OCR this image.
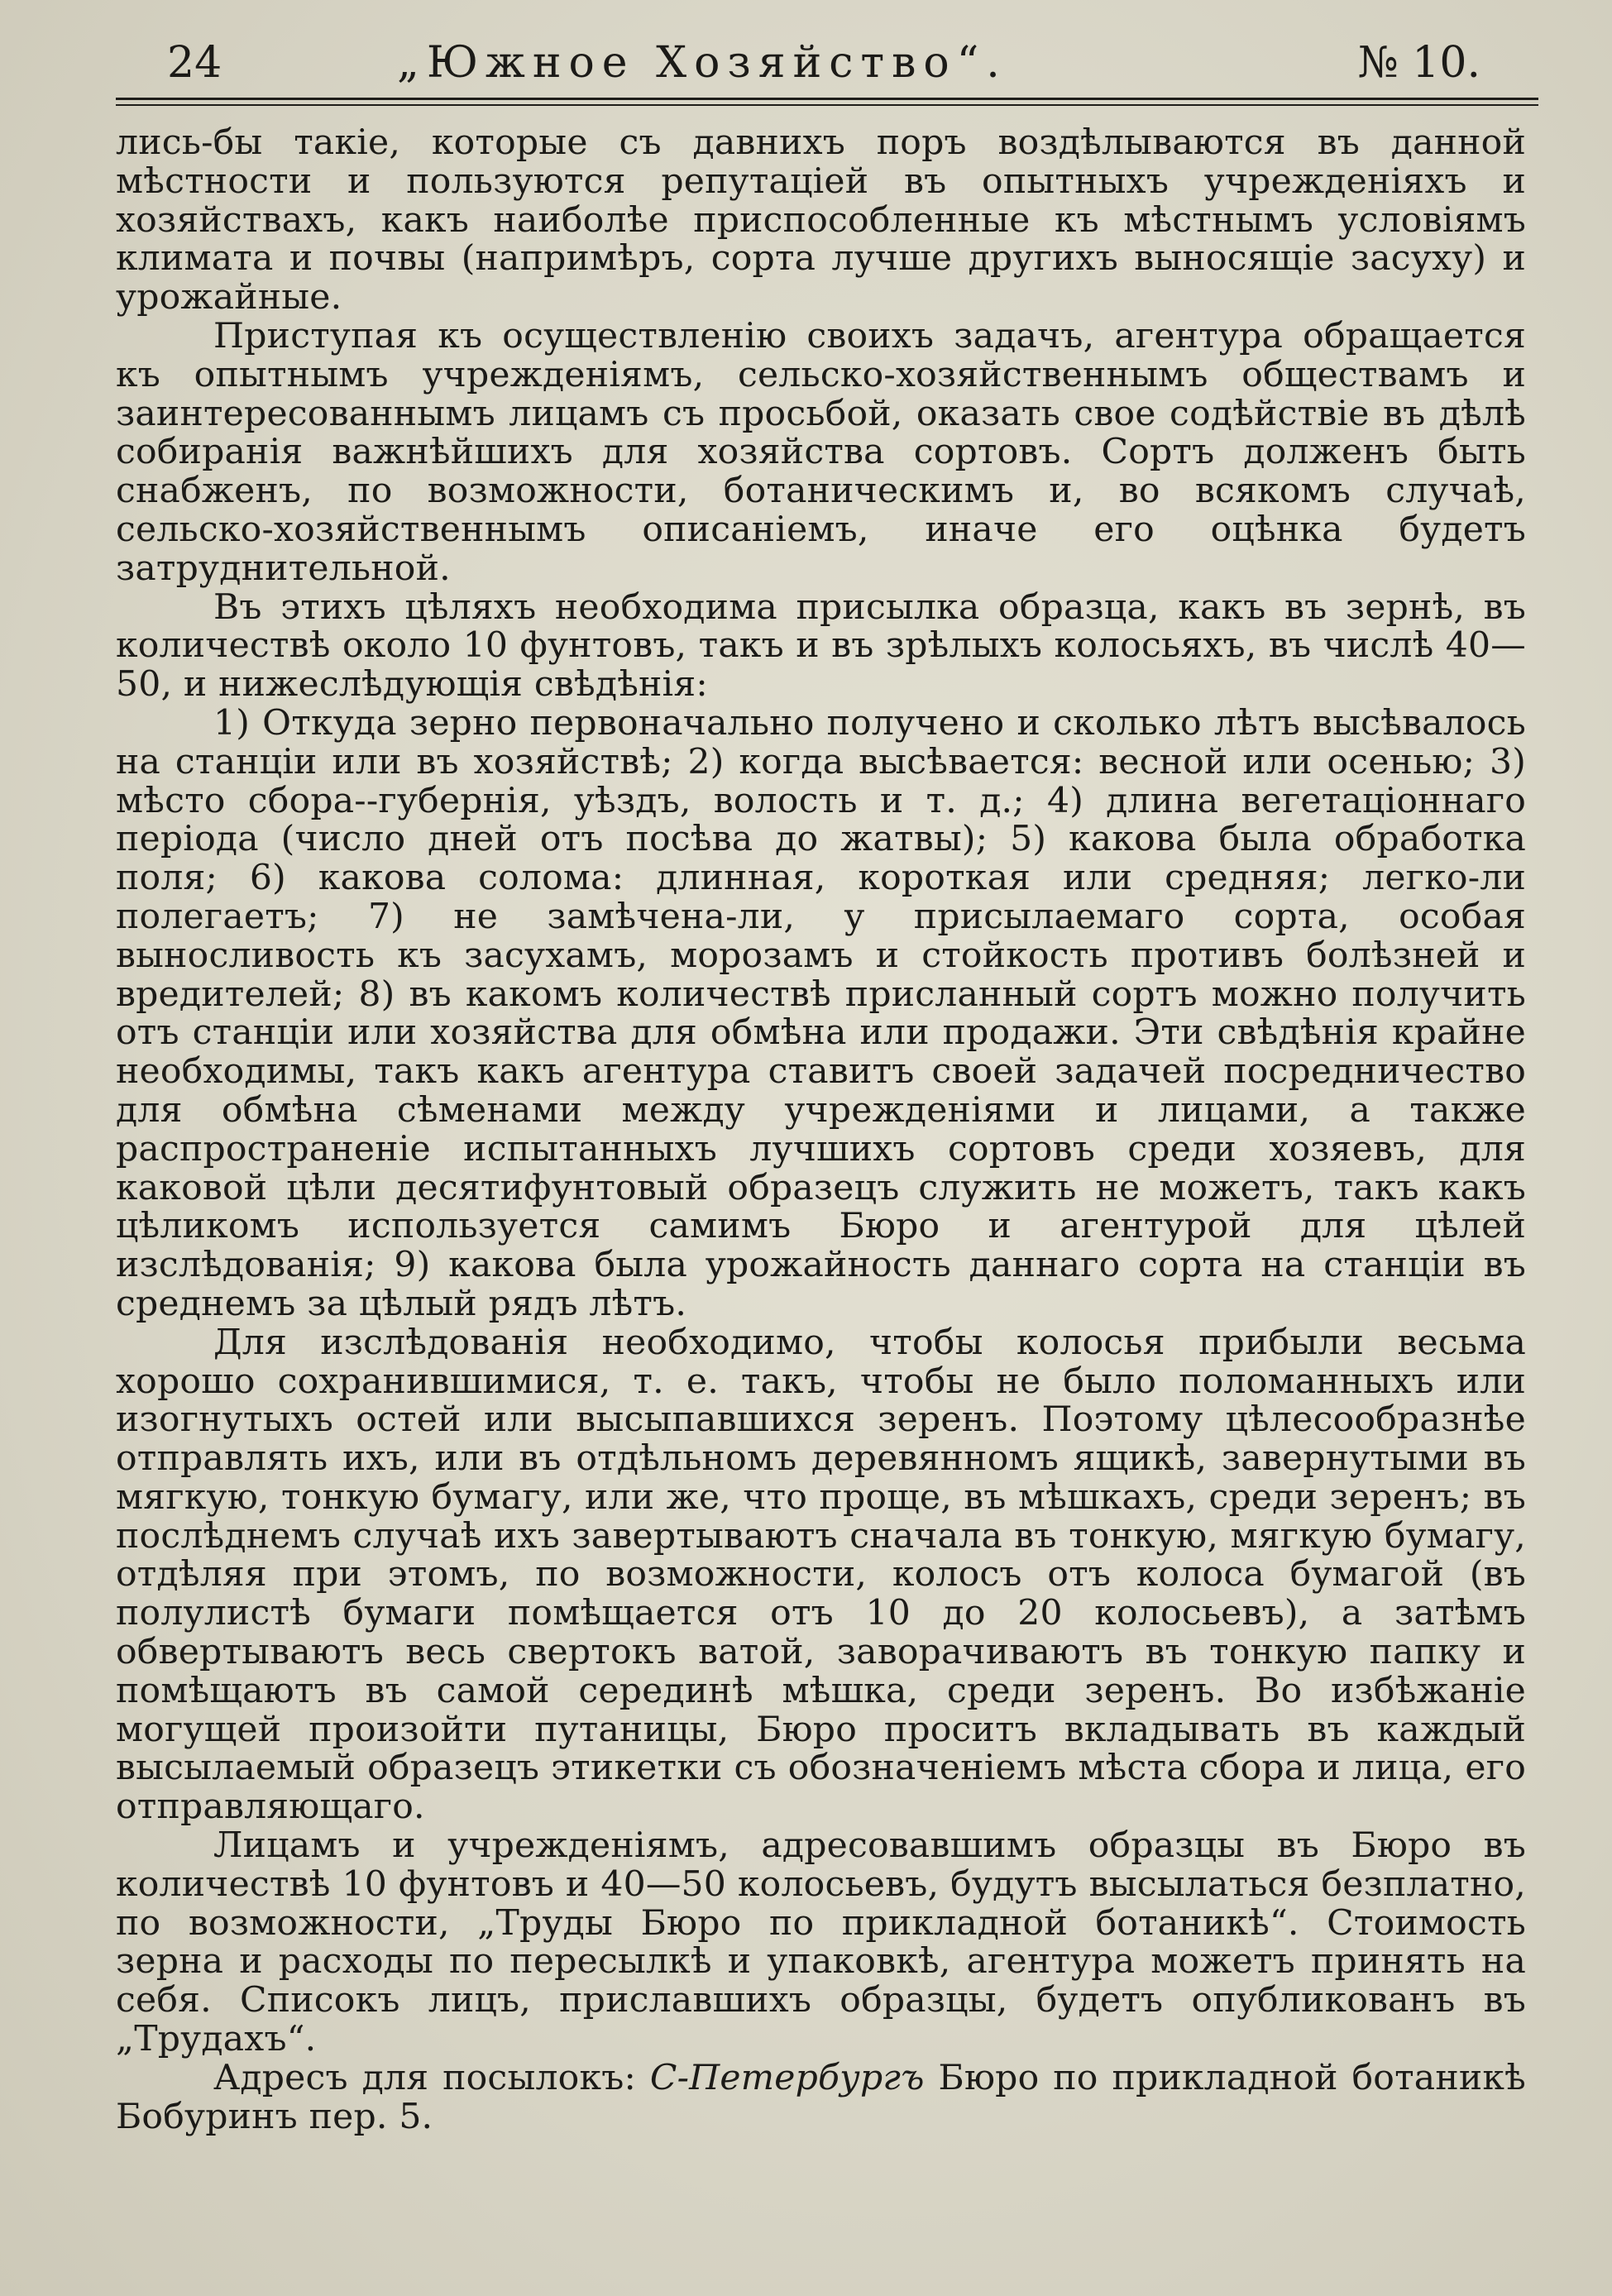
24	„Южное Хозяйство“.	№ 10.

лись-бы такіе, которые съ давнихъ поръ воздѣлываются въ данной мѣстности и пользуются репутаціей въ опытныхъ учрежденіяхъ и хозяйствахъ, какъ наиболѣе приспособленные къ мѣстнымъ условіямъ климата и почвы (напримѣръ, сорта лучше другихъ выносящіе засуху) и урожайные.

Приступая къ осуществленію своихъ задачъ, агентура обращается къ опытнымъ учрежденіямъ, сельско-хозяйственнымъ обществамъ и заинтересованнымъ лицамъ съ просьбой, оказать свое содѣйствіе въ дѣлѣ собиранія важнѣйшихъ для хозяйства сортовъ. Сортъ долженъ быть снабженъ, по возможности, ботаническимъ и, во всякомъ случаѣ, сельско-хозяйственнымъ описаніемъ, иначе его оцѣнка будетъ затруднительной.

Въ этихъ цѣляхъ необходима присылка образца, какъ въ зернѣ, въ количествѣ около 10 фунтовъ, такъ и въ зрѣлыхъ колосьяхъ, въ числѣ 40—50, и нижеслѣдующія свѣдѣнія:

1) Откуда зерно первоначально получено и сколько лѣтъ высѣвалось на станціи или въ хозяйствѣ; 2) когда высѣвается: весной или осенью; 3) мѣсто сбора--губернія, уѣздъ, волость и т. д.; 4) длина вегетаціоннаго періода (число дней отъ посѣва до жатвы); 5) какова была обработка поля; 6) какова солома: длинная, короткая или средняя; легко-ли полегаетъ; 7) не замѣчена-ли, у присылаемаго сорта, особая выносливость къ засухамъ, морозамъ и стойкость противъ болѣзней и вредителей; 8) въ какомъ количествѣ присланный сортъ можно получить отъ станціи или хозяйства для обмѣна или продажи. Эти свѣдѣнія крайне необходимы, такъ какъ агентура ставитъ своей задачей посредничество для обмѣна сѣменами между учрежденіями и лицами, а также распространеніе испытанныхъ лучшихъ сортовъ среди хозяевъ, для каковой цѣли десятифунтовый образецъ служить не можетъ, такъ какъ цѣликомъ используется самимъ Бюро и агентурой для цѣлей изслѣдованія; 9) какова была урожайность даннаго сорта на станціи въ среднемъ за цѣлый рядъ лѣтъ.

Для изслѣдованія необходимо, чтобы колосья прибыли весьма хорошо сохранившимися, т. е. такъ, чтобы не было поломанныхъ или изогнутыхъ остей или высыпавшихся зеренъ. Поэтому цѣлесообразнѣе отправлять ихъ, или въ отдѣльномъ деревянномъ ящикѣ, завернутыми въ мягкую, тонкую бумагу, или же, что проще, въ мѣшкахъ, среди зеренъ; въ послѣднемъ случаѣ ихъ завертываютъ сначала въ тонкую, мягкую бумагу, отдѣляя при этомъ, по возможности, колосъ отъ колоса бумагой (въ полулистѣ бумаги помѣщается отъ 10 до 20 колосьевъ), а затѣмъ обвертываютъ весь свертокъ ватой, заворачиваютъ въ тонкую папку и помѣщаютъ въ самой серединѣ мѣшка, среди зеренъ. Во избѣжаніе могущей произойти путаницы, Бюро проситъ вкладывать въ каждый высылаемый образецъ этикетки съ обозначеніемъ мѣста сбора и лица, его отправляющаго.

Лицамъ и учрежденіямъ, адресовавшимъ образцы въ Бюро въ количествѣ 10 фунтовъ и 40—50 колосьевъ, будутъ высылаться безплатно, по возможности, „Труды Бюро по прикладной ботаникѣ“. Стоимость зерна и расходы по пересылкѣ и упаковкѣ, агентура можетъ принять на себя. Списокъ лицъ, приславшихъ образцы, будетъ опубликованъ въ „Трудахъ“.

Адресъ для посылокъ: С-Петербургъ Бюро по прикладной ботаникѣ Бобуринъ пер. 5.
